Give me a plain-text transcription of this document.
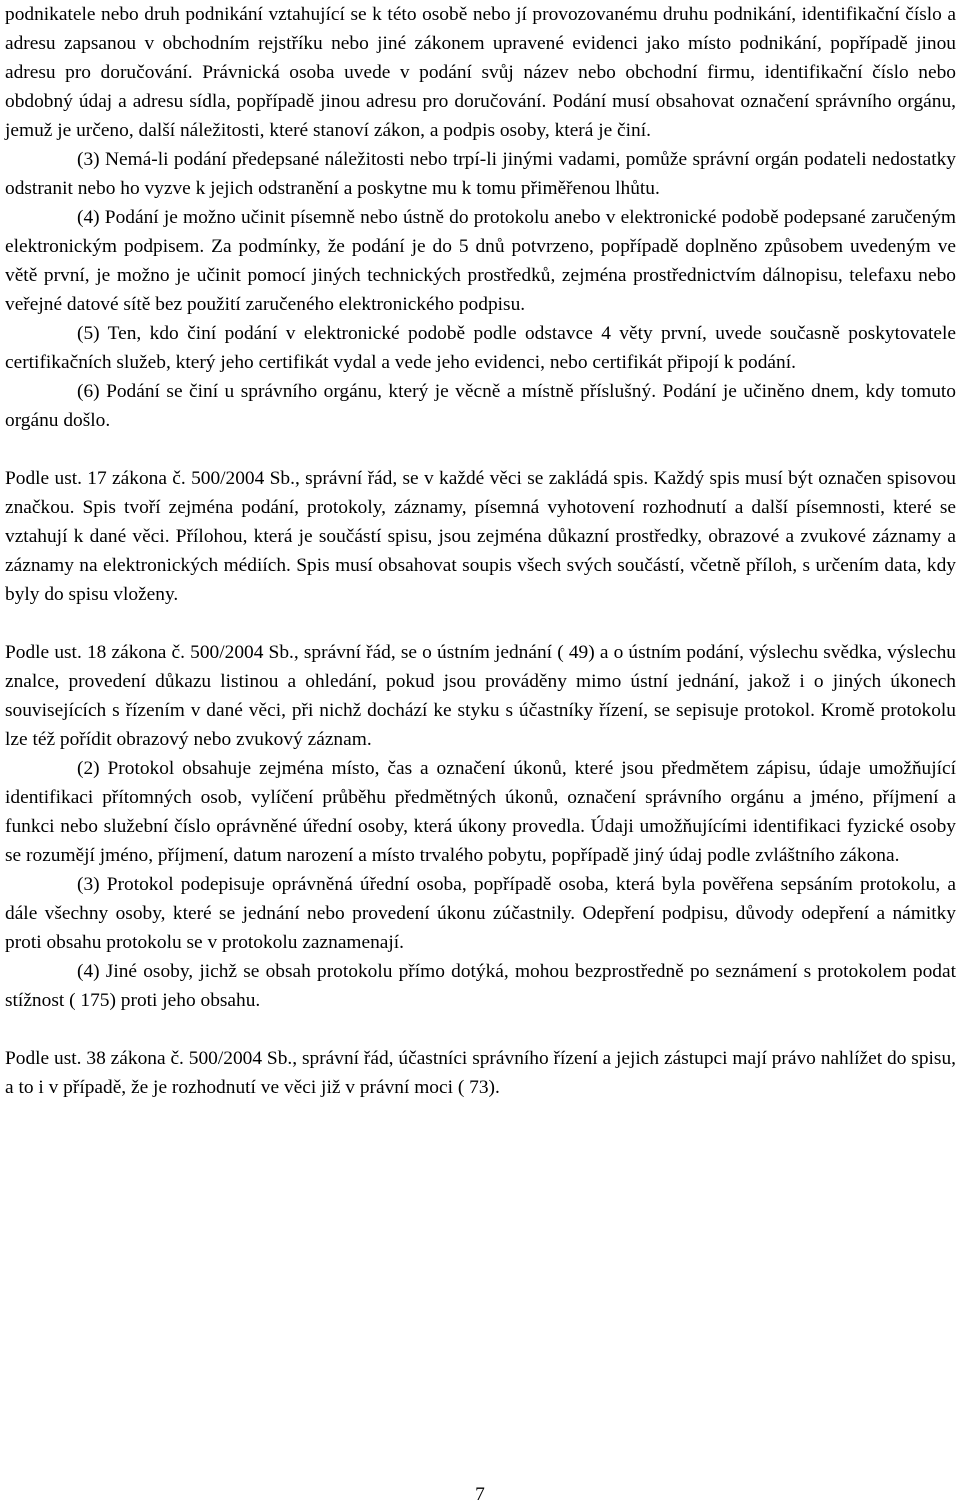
podnikatele nebo druh podnikání vztahující se k této osobě nebo jí provozovanému druhu podnikání, identifikační číslo a adresu zapsanou v obchodním rejstříku nebo jiné zákonem upravené evidenci jako místo podnikání, popřípadě jinou adresu pro doručování. Právnická osoba uvede v podání svůj název nebo obchodní firmu, identifikační číslo nebo obdobný údaj a adresu sídla, popřípadě jinou adresu pro doručování. Podání musí obsahovat označení správního orgánu, jemuž je určeno, další náležitosti, které stanoví zákon, a podpis osoby, která je činí.

(3) Nemá-li podání předepsané náležitosti nebo trpí-li jinými vadami, pomůže správní orgán podateli nedostatky odstranit nebo ho vyzve k jejich odstranění a poskytne mu k tomu přiměřenou lhůtu.

(4) Podání je možno učinit písemně nebo ústně do protokolu anebo v elektronické podobě podepsané zaručeným elektronickým podpisem. Za podmínky, že podání je do 5 dnů potvrzeno, popřípadě doplněno způsobem uvedeným ve větě první, je možno je učinit pomocí jiných technických prostředků, zejména prostřednictvím dálnopisu, telefaxu nebo veřejné datové sítě bez použití zaručeného elektronického podpisu.

(5) Ten, kdo činí podání v elektronické podobě podle odstavce 4 věty první, uvede současně poskytovatele certifikačních služeb, který jeho certifikát vydal a vede jeho evidenci, nebo certifikát připojí k podání.

(6) Podání se činí u správního orgánu, který je věcně a místně příslušný. Podání je učiněno dnem, kdy tomuto orgánu došlo.

Podle ust. 17 zákona č. 500/2004 Sb., správní řád, se v každé věci se zakládá spis. Každý spis musí být označen spisovou značkou. Spis tvoří zejména podání, protokoly, záznamy, písemná vyhotovení rozhodnutí a další písemnosti, které se vztahují k dané věci. Přílohou, která je součástí spisu, jsou zejména důkazní prostředky, obrazové a zvukové záznamy a záznamy na elektronických médiích. Spis musí obsahovat soupis všech svých součástí, včetně příloh, s určením data, kdy byly do spisu vloženy.

Podle ust. 18 zákona č. 500/2004 Sb., správní řád, se o ústním jednání ( 49) a o ústním podání, výslechu svědka, výslechu znalce, provedení důkazu listinou a ohledání, pokud jsou prováděny mimo ústní jednání, jakož i o jiných úkonech souvisejících s řízením v dané věci, při nichž dochází ke styku s účastníky řízení, se sepisuje protokol. Kromě protokolu lze též pořídit obrazový nebo zvukový záznam.

(2) Protokol obsahuje zejména místo, čas a označení úkonů, které jsou předmětem zápisu, údaje umožňující identifikaci přítomných osob, vylíčení průběhu předmětných úkonů, označení správního orgánu a jméno, příjmení a funkci nebo služební číslo oprávněné úřední osoby, která úkony provedla. Údaji umožňujícími identifikaci fyzické osoby se rozumějí jméno, příjmení, datum narození a místo trvalého pobytu, popřípadě jiný údaj podle zvláštního zákona.

(3) Protokol podepisuje oprávněná úřední osoba, popřípadě osoba, která byla pověřena sepsáním protokolu, a dále všechny osoby, které se jednání nebo provedení úkonu zúčastnily. Odepření podpisu, důvody odepření a námitky proti obsahu protokolu se v protokolu zaznamenají.

(4) Jiné osoby, jichž se obsah protokolu přímo dotýká, mohou bezprostředně po seznámení s protokolem podat stížnost ( 175) proti jeho obsahu.

Podle ust. 38 zákona č. 500/2004 Sb., správní řád, účastníci správního řízení a jejich zástupci mají právo nahlížet do spisu, a to i v případě, že je rozhodnutí ve věci již v právní moci ( 73).

7
